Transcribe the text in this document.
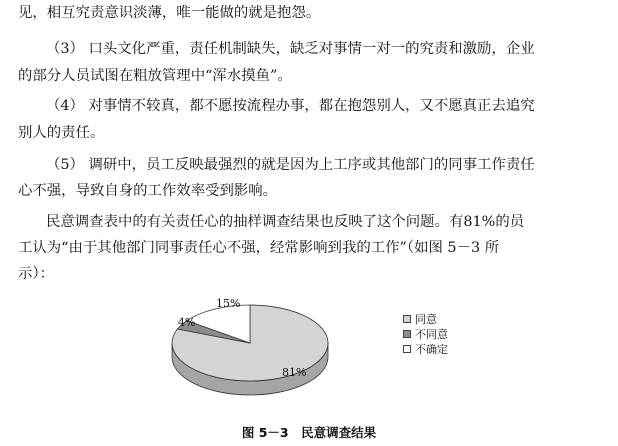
见，相互究责意识淡薄，唯一能做的就是抱怨。
（3） 口头文化严重，责任机制缺失，缺乏对事情一对一的究责和激励，企业
的部分人员试图在粗放管理中“浑水摸鱼”。
（4） 对事情不较真，都不愿按流程办事，都在抱怨别人，又不愿真正去追究
别人的责任。
（5） 调研中，员工反映最强烈的就是因为上工序或其他部门的同事工作责任
心不强，导致自身的工作效率受到影响。
民意调查表中的有关责任心的抽样调查结果也反映了这个问题。有81%的员
工认为“由于其他部门同事责任心不强，经常影响到我的工作”（如图 5－3 所
示）：
81%
4%
15%
同意
不同意
不确定
图 5－3　民意调查结果
